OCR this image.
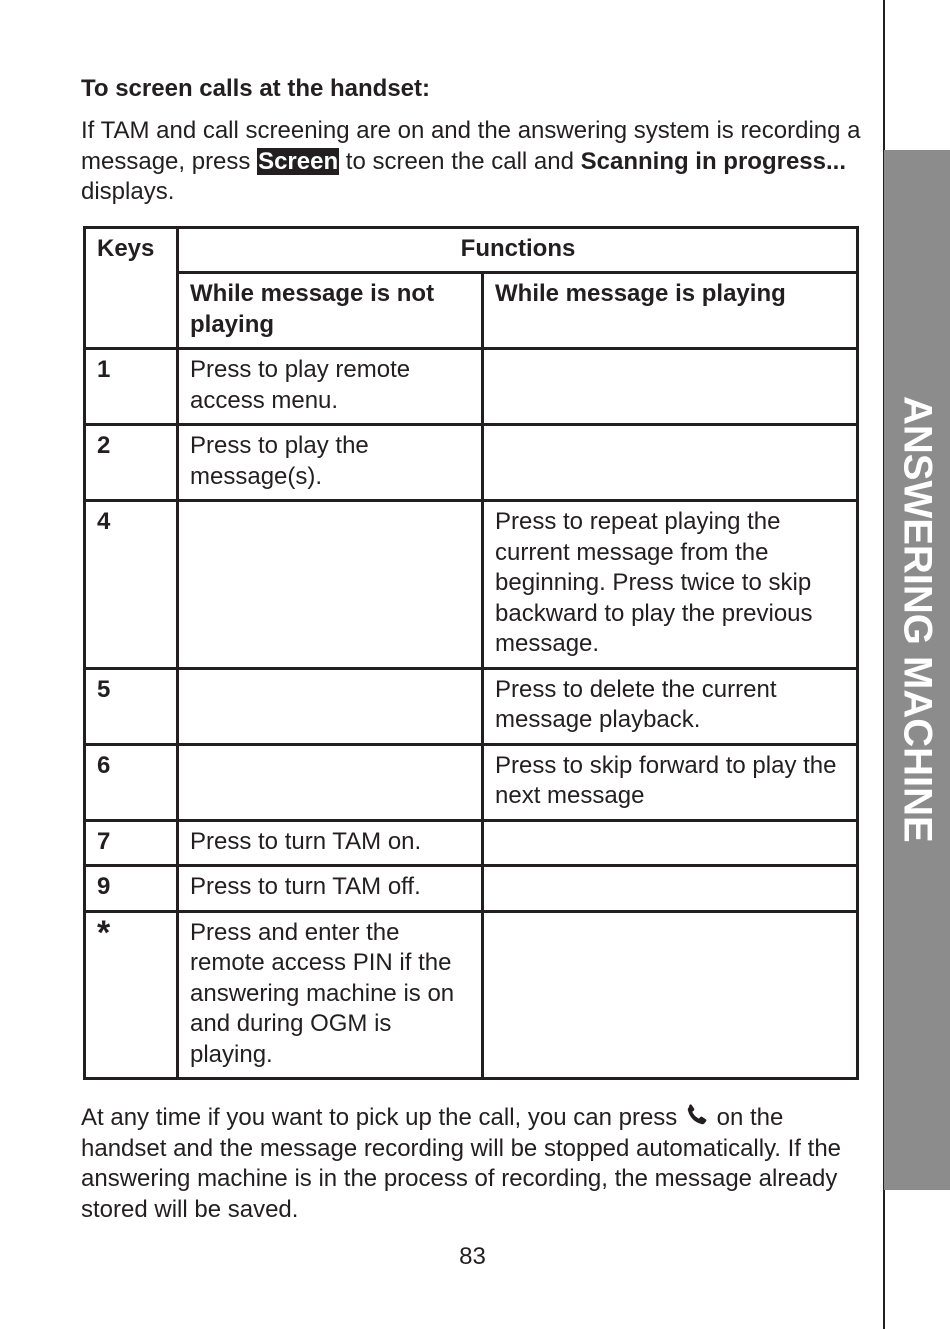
ANSWERING MACHINE
To screen calls at the handset:

If TAM and call screening are on and the answering system is recording a message, press Screen to screen the call and Scanning in progress... displays.

Keys	Functions	
	While message is not playing	While message is playing
1	Press to play remote access menu.	
2	Press to play the message(s).	
4		Press to repeat playing the current message from the beginning. Press twice to skip backward to play the previous message.
5		Press to delete the current message playback.
6		Press to skip forward to play the next message
7	Press to turn TAM on.	
9	Press to turn TAM off.	
*	Press and enter the remote access PIN if the answering machine is on and during OGM is playing.	

At any time if you want to pick up the call, you can press  on the handset and the message recording will be stopped automatically. If the answering machine is in the process of recording, the message already stored will be saved.

83
